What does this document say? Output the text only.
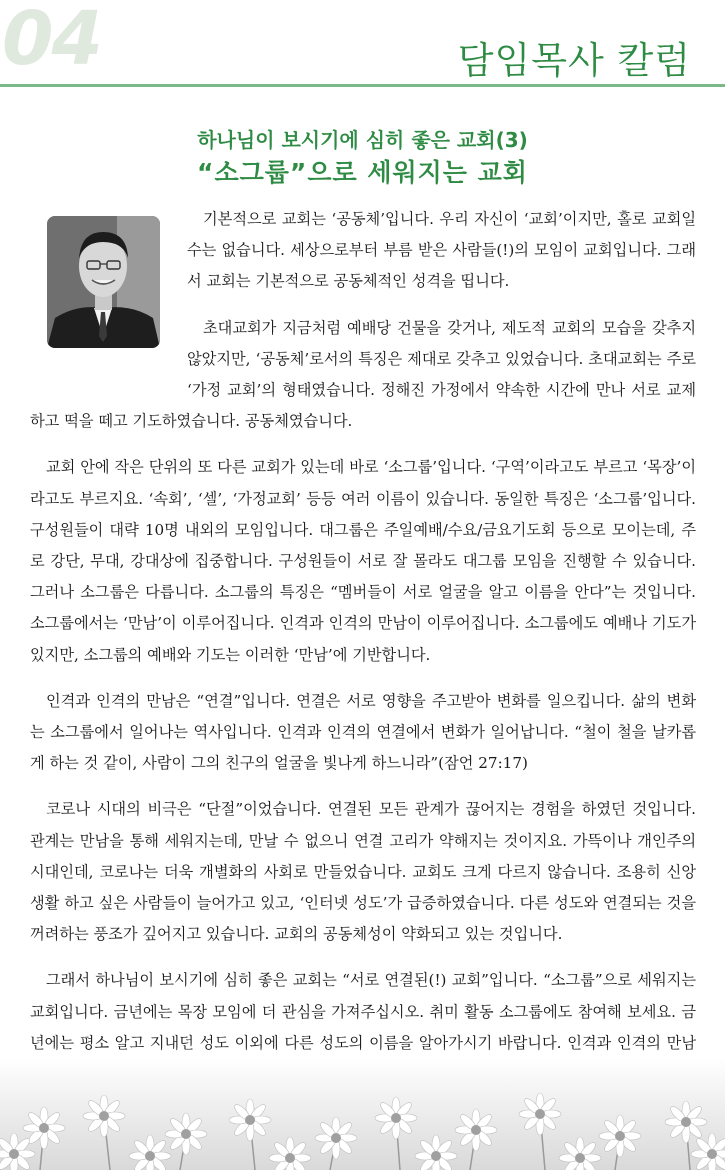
04	담임목사 칼럼
하나님이 보시기에 심히 좋은 교회(3)
“소그룹”으로 세워지는 교회

기본적으로 교회는 ‘공동체’입니다. 우리 자신이 ‘교회’이지만, 홀로 교회일 수는 없습니다. 세상으로부터 부름 받은 사람들(!)의 모임이 교회입니다. 그래서 교회는 기본적으로 공동체적인 성격을 띱니다.

초대교회가 지금처럼 예배당 건물을 갖거나, 제도적 교회의 모습을 갖추지 않았지만, ‘공동체’로서의 특징은 제대로 갖추고 있었습니다. 초대교회는 주로 ‘가정 교회’의 형태였습니다. 정해진 가정에서 약속한 시간에 만나 서로 교제하고 떡을 떼고 기도하였습니다. 공동체였습니다.

교회 안에 작은 단위의 또 다른 교회가 있는데 바로 ‘소그룹’입니다. ‘구역’이라고도 부르고 ‘목장’이라고도 부르지요. ‘속회’, ‘셀’, ‘가정교회’ 등등 여러 이름이 있습니다. 동일한 특징은 ‘소그룹’입니다. 구성원들이 대략 10명 내외의 모임입니다. 대그룹은 주일예배/수요/금요기도회 등으로 모이는데, 주로 강단, 무대, 강대상에 집중합니다. 구성원들이 서로 잘 몰라도 대그룹 모임을 진행할 수 있습니다. 그러나 소그룹은 다릅니다. 소그룹의 특징은 “멤버들이 서로 얼굴을 알고 이름을 안다”는 것입니다. 소그룹에서는 ‘만남’이 이루어집니다. 인격과 인격의 만남이 이루어집니다. 소그룹에도 예배나 기도가 있지만, 소그룹의 예배와 기도는 이러한 ‘만남’에 기반합니다.

인격과 인격의 만남은 “연결”입니다. 연결은 서로 영향을 주고받아 변화를 일으킵니다. 삶의 변화는 소그룹에서 일어나는 역사입니다. 인격과 인격의 연결에서 변화가 일어납니다. “철이 철을 날카롭게 하는 것 같이, 사람이 그의 친구의 얼굴을 빛나게 하느니라”(잠언 27:17)

코로나 시대의 비극은 “단절”이었습니다. 연결된 모든 관계가 끊어지는 경험을 하였던 것입니다. 관계는 만남을 통해 세워지는데, 만날 수 없으니 연결 고리가 약해지는 것이지요. 가뜩이나 개인주의 시대인데, 코로나는 더욱 개별화의 사회로 만들었습니다. 교회도 크게 다르지 않습니다. 조용히 신앙생활 하고 싶은 사람들이 늘어가고 있고, ‘인터넷 성도’가 급증하였습니다. 다른 성도와 연결되는 것을 꺼려하는 풍조가 깊어지고 있습니다. 교회의 공동체성이 약화되고 있는 것입니다.

그래서 하나님이 보시기에 심히 좋은 교회는 “서로 연결된(!) 교회”입니다. “소그룹”으로 세워지는 교회입니다. 금년에는 목장 모임에 더 관심을 가져주십시오. 취미 활동 소그룹에도 참여해 보세요. 금년에는 평소 알고 지내던 성도 이외에 다른 성도의 이름을 알아가시기 바랍니다. 인격과 인격의 만남
